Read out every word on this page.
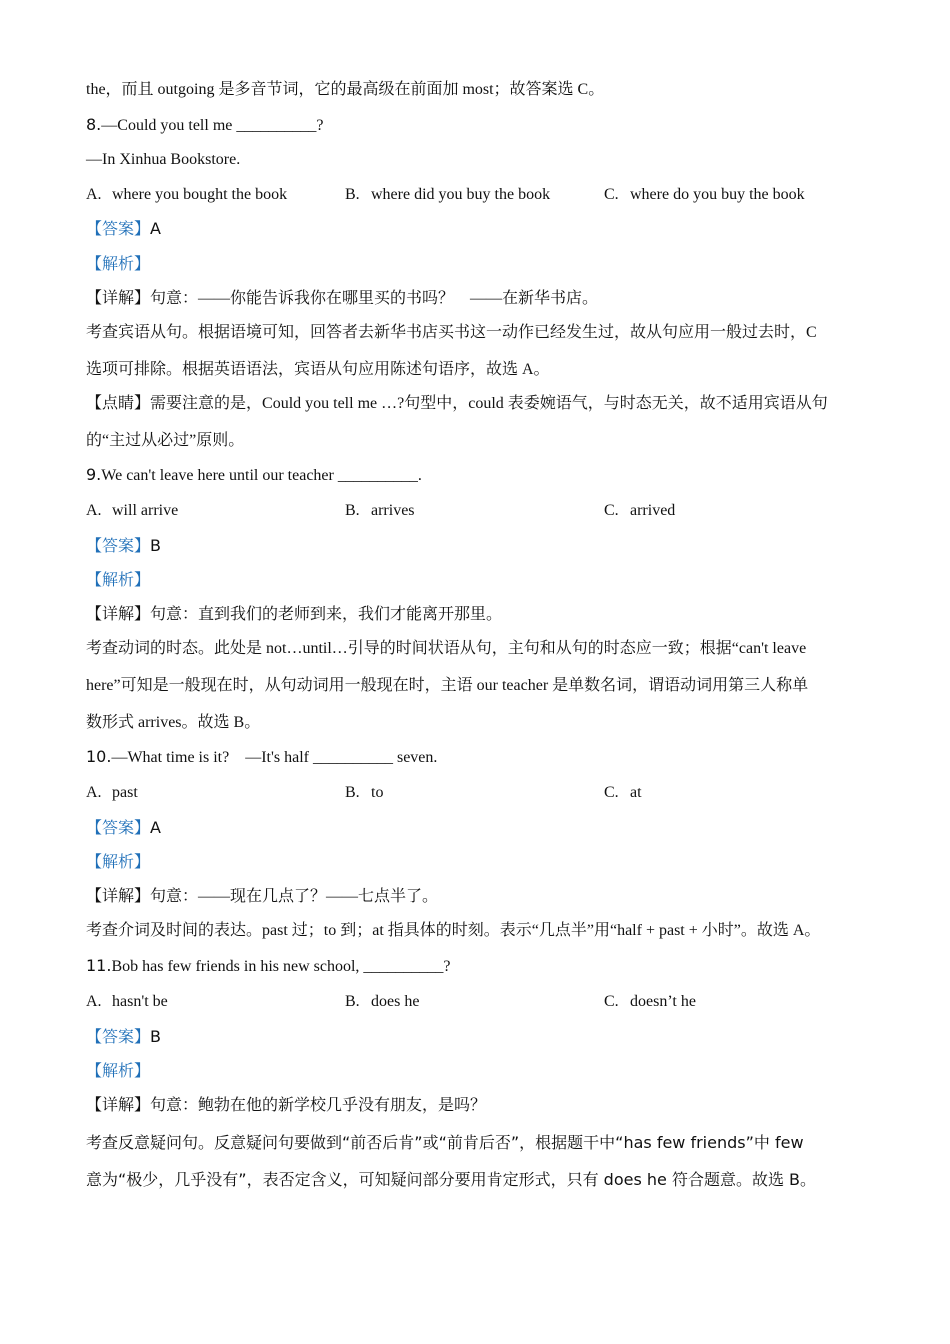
the，而且 outgoing 是多音节词，它的最高级在前面加 most；故答案选 C。
8.—Could you tell me __________?
—In Xinhua Bookstore.
A. where you bought the book	B. where did you buy the book	C. where do you buy the book
【答案】A
【解析】
【详解】句意：——你能告诉我你在哪里买的书吗？　——在新华书店。
考查宾语从句。根据语境可知，回答者去新华书店买书这一动作已经发生过，故从句应用一般过去时，C
选项可排除。根据英语语法，宾语从句应用陈述句语序，故选 A。
【点睛】需要注意的是，Could you tell me …?句型中，could 表委婉语气，与时态无关，故不适用宾语从句
的“主过从必过”原则。
9.We can't leave here until our teacher __________.
A. will arrive	B. arrives	C. arrived
【答案】B
【解析】
【详解】句意：直到我们的老师到来，我们才能离开那里。
考查动词的时态。此处是 not…until…引导的时间状语从句，主句和从句的时态应一致；根据“can't leave
here”可知是一般现在时，从句动词用一般现在时，主语 our teacher 是单数名词，谓语动词用第三人称单
数形式 arrives。故选 B。
10.—What time is it?　—It's half __________ seven.
A. past	B. to	C. at
【答案】A
【解析】
【详解】句意：——现在几点了？——七点半了。
考查介词及时间的表达。past 过；to 到；at 指具体的时刻。表示“几点半”用“half + past + 小时”。故选 A。
11.Bob has few friends in his new school, __________?
A. hasn't be	B. does he	C. doesn’t he
【答案】B
【解析】
【详解】句意：鲍勃在他的新学校几乎没有朋友，是吗？
考查反意疑问句。反意疑问句要做到“前否后肯”或“前肯后否”，根据题干中“has few friends”中 few
意为“极少，几乎没有”，表否定含义，可知疑问部分要用肯定形式，只有 does he 符合题意。故选 B。
